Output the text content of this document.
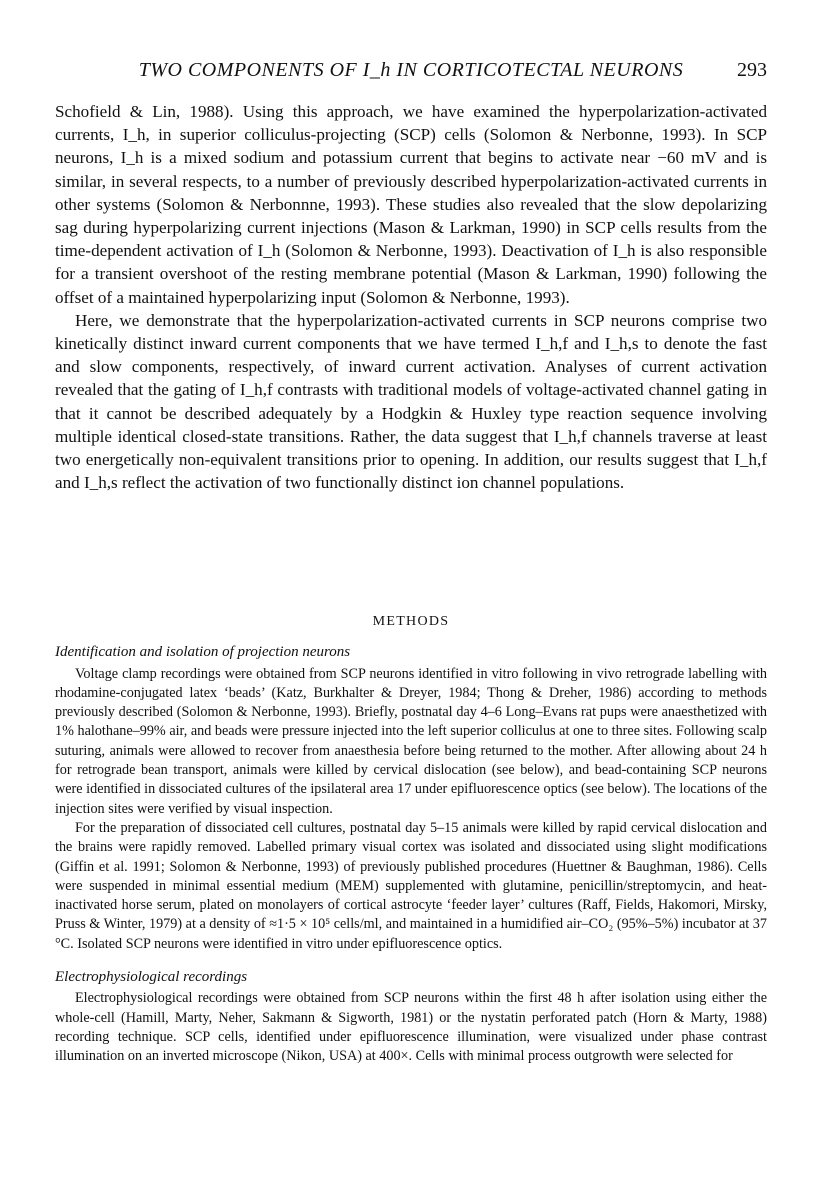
TWO COMPONENTS OF I_h IN CORTICOTECTAL NEURONS	293

Schofield & Lin, 1988). Using this approach, we have examined the hyperpolarization-activated currents, I_h, in superior colliculus-projecting (SCP) cells (Solomon & Nerbonne, 1993). In SCP neurons, I_h is a mixed sodium and potassium current that begins to activate near −60 mV and is similar, in several respects, to a number of previously described hyperpolarization-activated currents in other systems (Solomon & Nerbonnne, 1993). These studies also revealed that the slow depolarizing sag during hyperpolarizing current injections (Mason & Larkman, 1990) in SCP cells results from the time-dependent activation of I_h (Solomon & Nerbonne, 1993). Deactivation of I_h is also responsible for a transient overshoot of the resting membrane potential (Mason & Larkman, 1990) following the offset of a maintained hyperpolarizing input (Solomon & Nerbonne, 1993).

Here, we demonstrate that the hyperpolarization-activated currents in SCP neurons comprise two kinetically distinct inward current components that we have termed I_h,f and I_h,s to denote the fast and slow components, respectively, of inward current activation. Analyses of current activation revealed that the gating of I_h,f contrasts with traditional models of voltage-activated channel gating in that it cannot be described adequately by a Hodgkin & Huxley type reaction sequence involving multiple identical closed-state transitions. Rather, the data suggest that I_h,f channels traverse at least two energetically non-equivalent transitions prior to opening. In addition, our results suggest that I_h,f and I_h,s reflect the activation of two functionally distinct ion channel populations.

METHODS
Identification and isolation of projection neurons

Voltage clamp recordings were obtained from SCP neurons identified in vitro following in vivo retrograde labelling with rhodamine-conjugated latex ‘beads’ (Katz, Burkhalter & Dreyer, 1984; Thong & Dreher, 1986) according to methods previously described (Solomon & Nerbonne, 1993). Briefly, postnatal day 4–6 Long–Evans rat pups were anaesthetized with 1% halothane–99% air, and beads were pressure injected into the left superior colliculus at one to three sites. Following scalp suturing, animals were allowed to recover from anaesthesia before being returned to the mother. After allowing about 24 h for retrograde bean transport, animals were killed by cervical dislocation (see below), and bead-containing SCP neurons were identified in dissociated cultures of the ipsilateral area 17 under epifluorescence optics (see below). The locations of the injection sites were verified by visual inspection.

For the preparation of dissociated cell cultures, postnatal day 5–15 animals were killed by rapid cervical dislocation and the brains were rapidly removed. Labelled primary visual cortex was isolated and dissociated using slight modifications (Giffin et al. 1991; Solomon & Nerbonne, 1993) of previously published procedures (Huettner & Baughman, 1986). Cells were suspended in minimal essential medium (MEM) supplemented with glutamine, penicillin/streptomycin, and heat-inactivated horse serum, plated on monolayers of cortical astrocyte ‘feeder layer’ cultures (Raff, Fields, Hakomori, Mirsky, Pruss & Winter, 1979) at a density of ≈1·5 × 10⁵ cells/ml, and maintained in a humidified air–CO₂ (95%–5%) incubator at 37 °C. Isolated SCP neurons were identified in vitro under epifluorescence optics.

Electrophysiological recordings

Electrophysiological recordings were obtained from SCP neurons within the first 48 h after isolation using either the whole-cell (Hamill, Marty, Neher, Sakmann & Sigworth, 1981) or the nystatin perforated patch (Horn & Marty, 1988) recording technique. SCP cells, identified under epifluorescence illumination, were visualized under phase contrast illumination on an inverted microscope (Nikon, USA) at 400×. Cells with minimal process outgrowth were selected for
